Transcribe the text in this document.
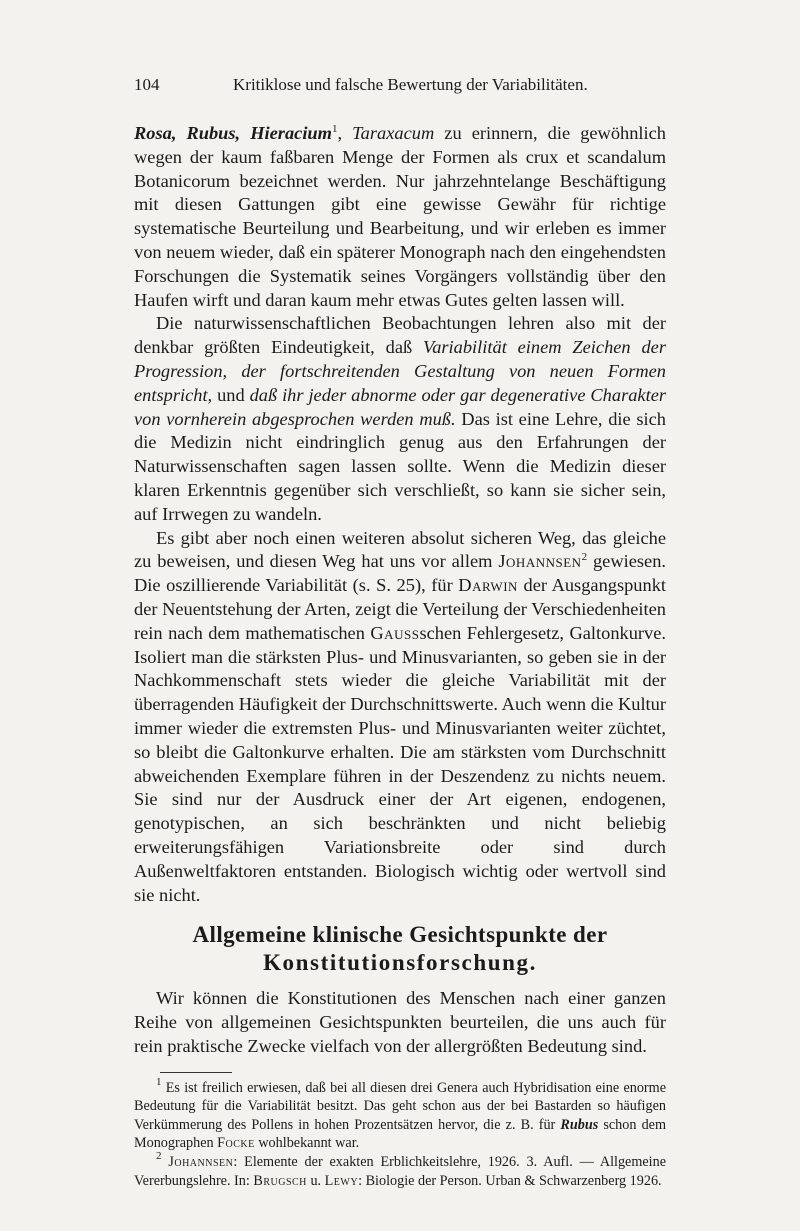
104	Kritiklose und falsche Bewertung der Variabilitäten.

Rosa, Rubus, Hieracium$^1$, Taraxacum zu erinnern, die gewöhnlich wegen der kaum faßbaren Menge der Formen als crux et scandalum Botanicorum bezeichnet werden. Nur jahrzehntelange Beschäftigung mit diesen Gattungen gibt eine gewisse Gewähr für richtige systematische Beurteilung und Bearbeitung, und wir erleben es immer von neuem wieder, daß ein späterer Monograph nach den eingehendsten Forschungen die Systematik seines Vorgängers vollständig über den Haufen wirft und daran kaum mehr etwas Gutes gelten lassen will.

Die naturwissenschaftlichen Beobachtungen lehren also mit der denkbar größten Eindeutigkeit, daß Variabilität einem Zeichen der Progression, der fortschreitenden Gestaltung von neuen Formen entspricht, und daß ihr jeder abnorme oder gar degenerative Charakter von vornherein abgesprochen werden muß. Das ist eine Lehre, die sich die Medizin nicht eindringlich genug aus den Erfahrungen der Naturwissenschaften sagen lassen sollte. Wenn die Medizin dieser klaren Erkenntnis gegenüber sich verschließt, so kann sie sicher sein, auf Irrwegen zu wandeln.

Es gibt aber noch einen weiteren absolut sicheren Weg, das gleiche zu beweisen, und diesen Weg hat uns vor allem Johannsen$^2$ gewiesen. Die oszillierende Variabilität (s. S. 25), für Darwin der Ausgangspunkt der Neuentstehung der Arten, zeigt die Verteilung der Verschiedenheiten rein nach dem mathematischen Gaussschen Fehlergesetz, Galtonkurve. Isoliert man die stärksten Plus- und Minusvarianten, so geben sie in der Nachkommenschaft stets wieder die gleiche Variabilität mit der überragenden Häufigkeit der Durchschnittswerte. Auch wenn die Kultur immer wieder die extremsten Plus- und Minusvarianten weiter züchtet, so bleibt die Galtonkurve erhalten. Die am stärksten vom Durchschnitt abweichenden Exemplare führen in der Deszendenz zu nichts neuem. Sie sind nur der Ausdruck einer der Art eigenen, endogenen, genotypischen, an sich beschränkten und nicht beliebig erweiterungsfähigen Variationsbreite oder sind durch Außenweltfaktoren entstanden. Biologisch wichtig oder wertvoll sind sie nicht.

Allgemeine klinische Gesichtspunkte der
Konstitutionsforschung.

Wir können die Konstitutionen des Menschen nach einer ganzen Reihe von allgemeinen Gesichtspunkten beurteilen, die uns auch für rein praktische Zwecke vielfach von der allergrößten Bedeutung sind.

$^1$ Es ist freilich erwiesen, daß bei all diesen drei Genera auch Hybridisation eine enorme Bedeutung für die Variabilität besitzt. Das geht schon aus der bei Bastarden so häufigen Verkümmerung des Pollens in hohen Prozentsätzen hervor, die z. B. für Rubus schon dem Monographen Focke wohlbekannt war.

$^2$ Johannsen: Elemente der exakten Erblichkeitslehre, 1926. 3. Aufl. — Allgemeine Vererbungslehre. In: Brugsch u. Lewy: Biologie der Person. Urban & Schwarzenberg 1926.
